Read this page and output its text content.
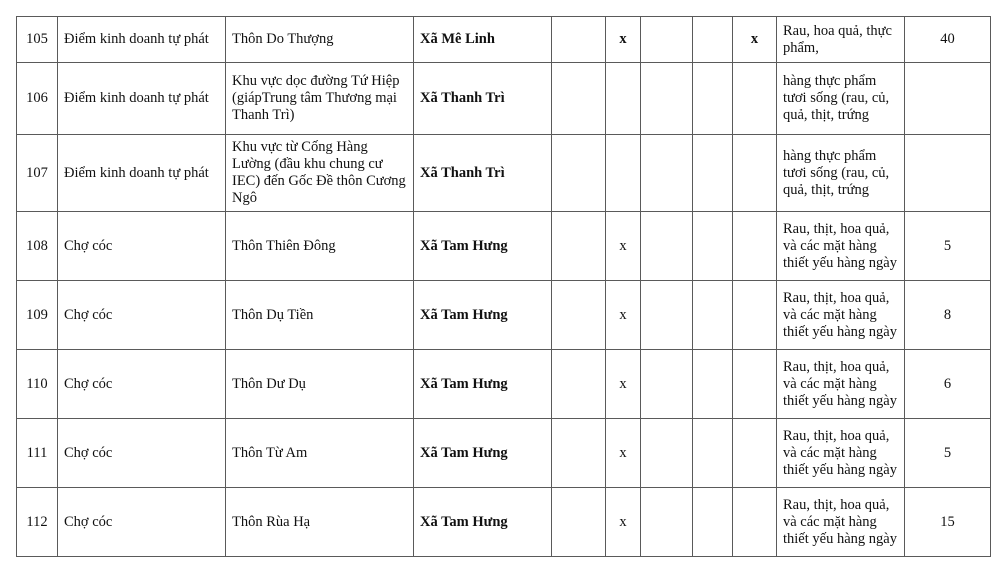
105	Điểm kinh doanh tự phát	Thôn Do Thượng	Xã Mê Linh		x			x	Rau, hoa quả, thực phẩm,	40
106	Điểm kinh doanh tự phát	Khu vực dọc đường Tứ Hiệp (giápTrung tâm Thương mại Thanh Trì)	Xã Thanh Trì						hàng thực phẩm tươi sống (rau, củ, quả, thịt, trứng	
107	Điểm kinh doanh tự phát	Khu vực từ Cống Hàng Lường (đầu khu chung cư IEC) đến Gốc Đề thôn Cương Ngô	Xã Thanh Trì						hàng thực phẩm tươi sống (rau, củ, quả, thịt, trứng	
108	Chợ cóc	Thôn Thiên Đông	Xã Tam Hưng		x				Rau, thịt, hoa quả, và các mặt hàng thiết yếu hàng ngày	5
109	Chợ cóc	Thôn Dụ Tiền	Xã Tam Hưng		x				Rau, thịt, hoa quả, và các mặt hàng thiết yếu hàng ngày	8
110	Chợ cóc	Thôn Dư Dụ	Xã Tam Hưng		x				Rau, thịt, hoa quả, và các mặt hàng thiết yếu hàng ngày	6
111	Chợ cóc	Thôn Từ Am	Xã Tam Hưng		x				Rau, thịt, hoa quả, và các mặt hàng thiết yếu hàng ngày	5
112	Chợ cóc	Thôn Rùa Hạ	Xã Tam Hưng		x				Rau, thịt, hoa quả, và các mặt hàng thiết yếu hàng ngày	15
